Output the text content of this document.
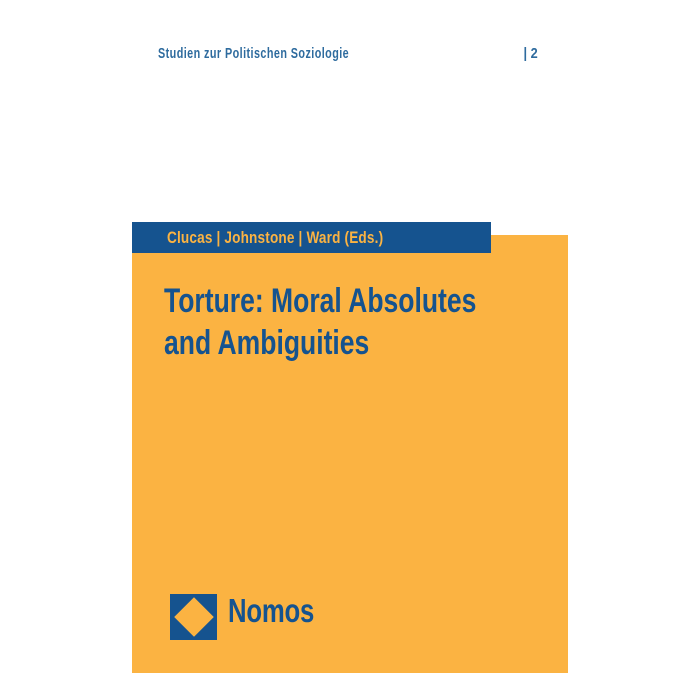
Studien zur Politischen Soziologie	| 2
Clucas | Johnstone | Ward (Eds.)
Torture: Moral Absolutes
and Ambiguities
Nomos
